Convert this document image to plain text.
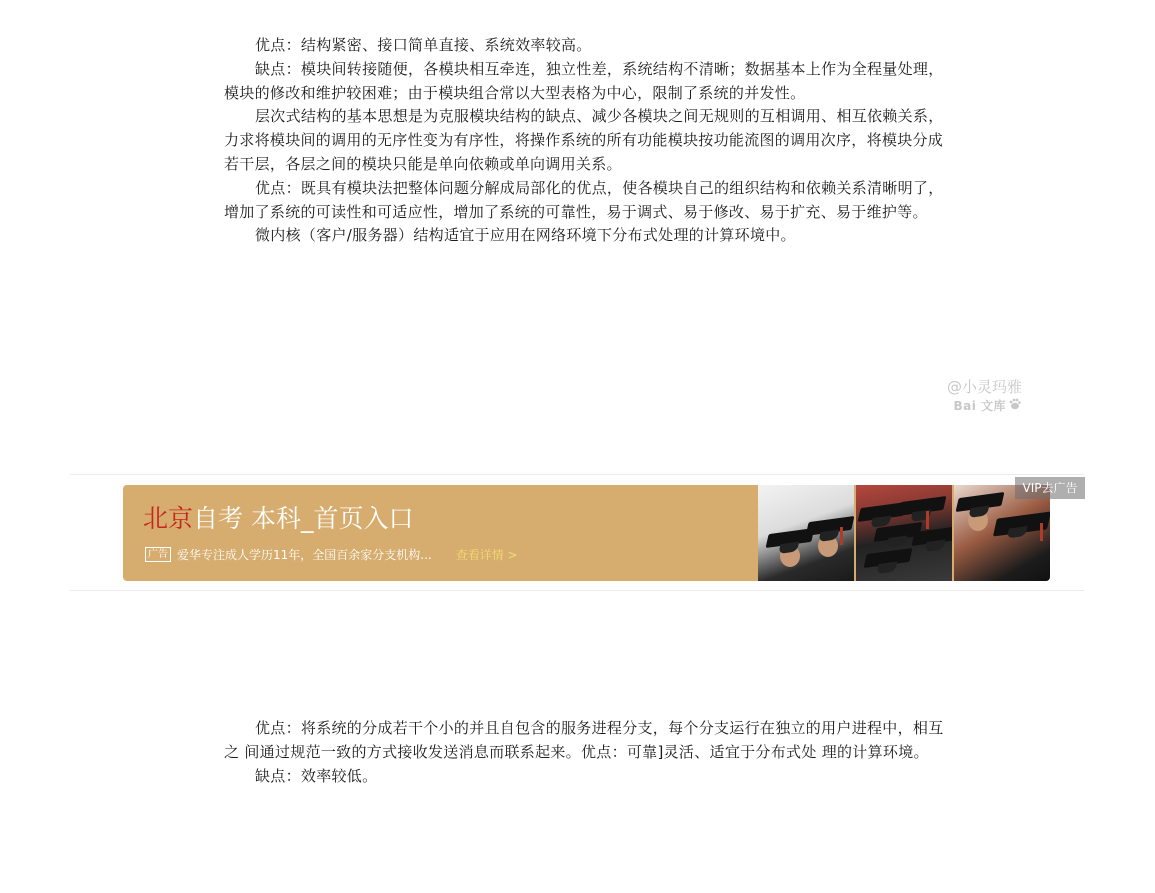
优点：结构紧密、接口简单直接、系统效率较高。

缺点：模块间转接随便，各模块相互牵连，独立性差，系统结构不清晰；数据基本上作为全程量处理，模块的修改和维护较困难；由于模块组合常以大型表格为中心，限制了系统的并发性。

层次式结构的基本思想是为克服模块结构的缺点、减少各模块之间无规则的互相调用、相互依赖关系，力求将模块间的调用的无序性变为有序性，将操作系统的所有功能模块按功能流图的调用次序，将模块分成若干层，各层之间的模块只能是单向依赖或单向调用关系。

优点：既具有模块法把整体问题分解成局部化的优点，使各模块自己的组织结构和依赖关系清晰明了，增加了系统的可读性和可适应性，增加了系统的可靠性，易于调式、易于修改、易于扩充、易于维护等。

微内核（客户/服务器）结构适宜于应用在网络环境下分布式处理的计算环境中。

@小灵玛雅
Bai 文库
北京自考 本科_首页入口
广告 爱华专注成人学历11年，全国百余家分支机构... 查看详情 >
VIP去广告

优点：将系统的分成若干个小的并且自包含的服务进程分支，每个分支运行在独立的用户进程中，相互之 间通过规范一致的方式接收发送消息而联系起来。优点：可靠]灵活、适宜于分布式处 理的计算环境。

缺点：效率较低。
